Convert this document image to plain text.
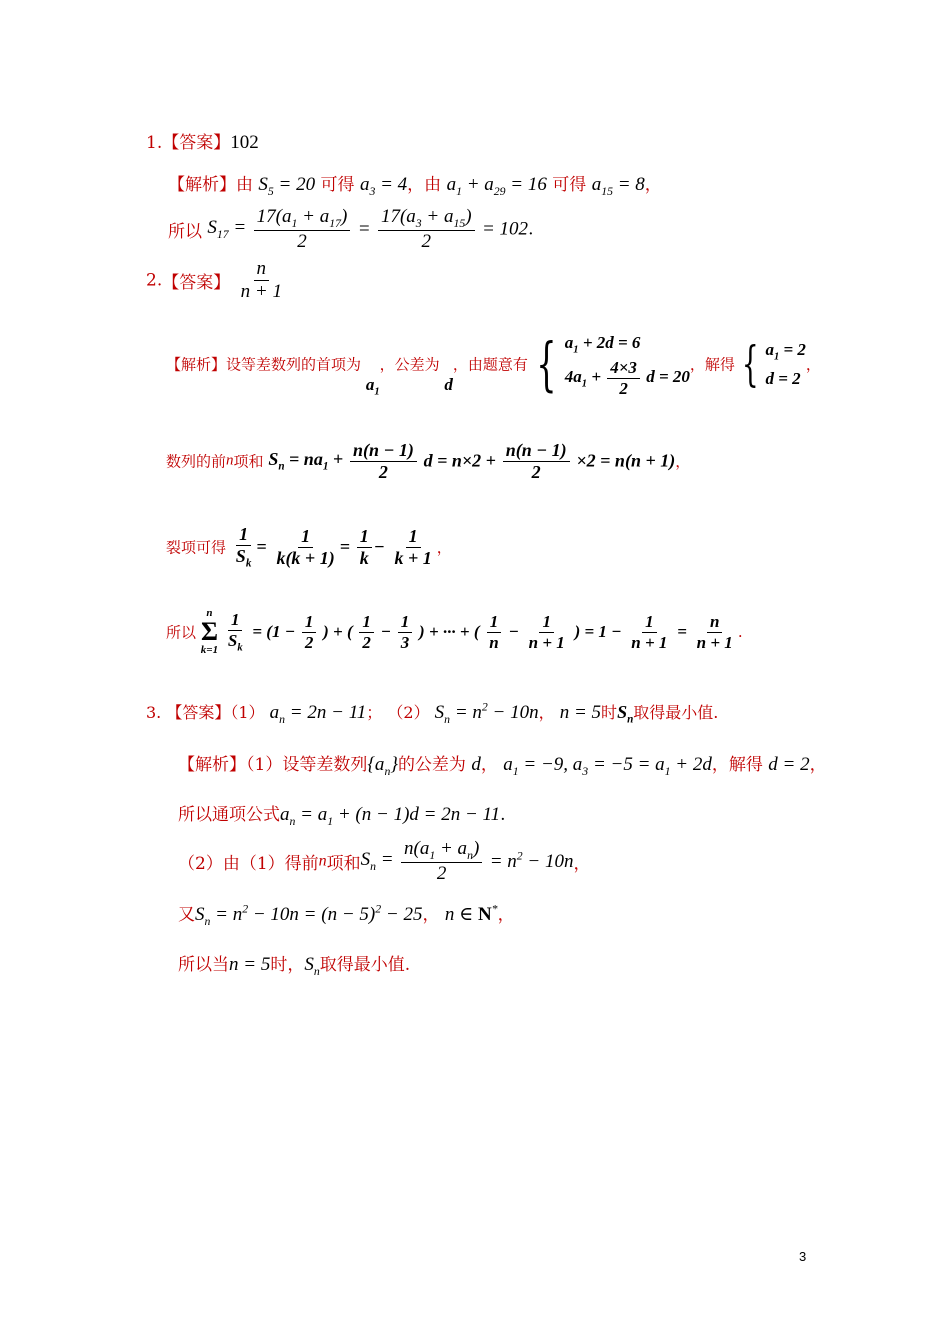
1.【答案】102
【解析】由 $S_5 = 20$ 可得 $a_3 = 4$，由 $a_1 + a_{29} = 16$ 可得 $a_{15} = 8$，
所以 $S_{17} = \frac{17(a_1 + a_{17})}{2} = \frac{17(a_3 + a_{15})}{2} = 102$.
2.【答案】 $\frac{n}{n + 1}$
【解析】设等差数列的首项为 $a_1$，公差为 d，由题意有 { $a_1 + 2d = 6$
$4a_1 + \frac{4\times 3}{2}$ d = 20
，解得 { $a_1 = 2$
d = 2
，
数列的前n项和 $S_n = na_1 + \frac{n(n - 1)}{2}$ $d = n\times 2 + \frac{n(n - 1)}{2} \times 2 = n(n + 1)$，
裂项可得 $\frac{1}{S_k} = \frac{1}{k(k + 1)} = \frac{1}{k} - \frac{1}{k + 1}$ ，
所以
n
Σ
k=1
$\frac{1}{S_k} = (1 - \frac{1}{2}$ ) + ( $\frac{1}{2} - \frac{1}{3}$ ) + ··· + ( $\frac{1}{n} - \frac{1}{n + 1}$ ) = $1 - \frac{1}{n + 1} = \frac{n}{n + 1}$ .
3. 【答案】（1） $a_n = 2n - 11$； （2） $S_n = n^2 - 10n$， n = 5时$S_n$取得最小值.
【解析】（1）设等差数列$\{a_n\}$的公差为 d， $a_1 = -9$, $a_3 = -5 = a_1 + 2d$，解得 d = 2，
所以通项公式$a_n = a_1 + (n - 1)d = 2n - 11$.
（2）由（1）得前n项和$S_n = \frac{n(a_1 + a_n)}{2} = n^2 - 10n$，
又$S_n = n^2 - 10n = (n - 5)^2 - 25$， n ∈ N*，
所以当n = 5时，$S_n$取得最小值.
3
